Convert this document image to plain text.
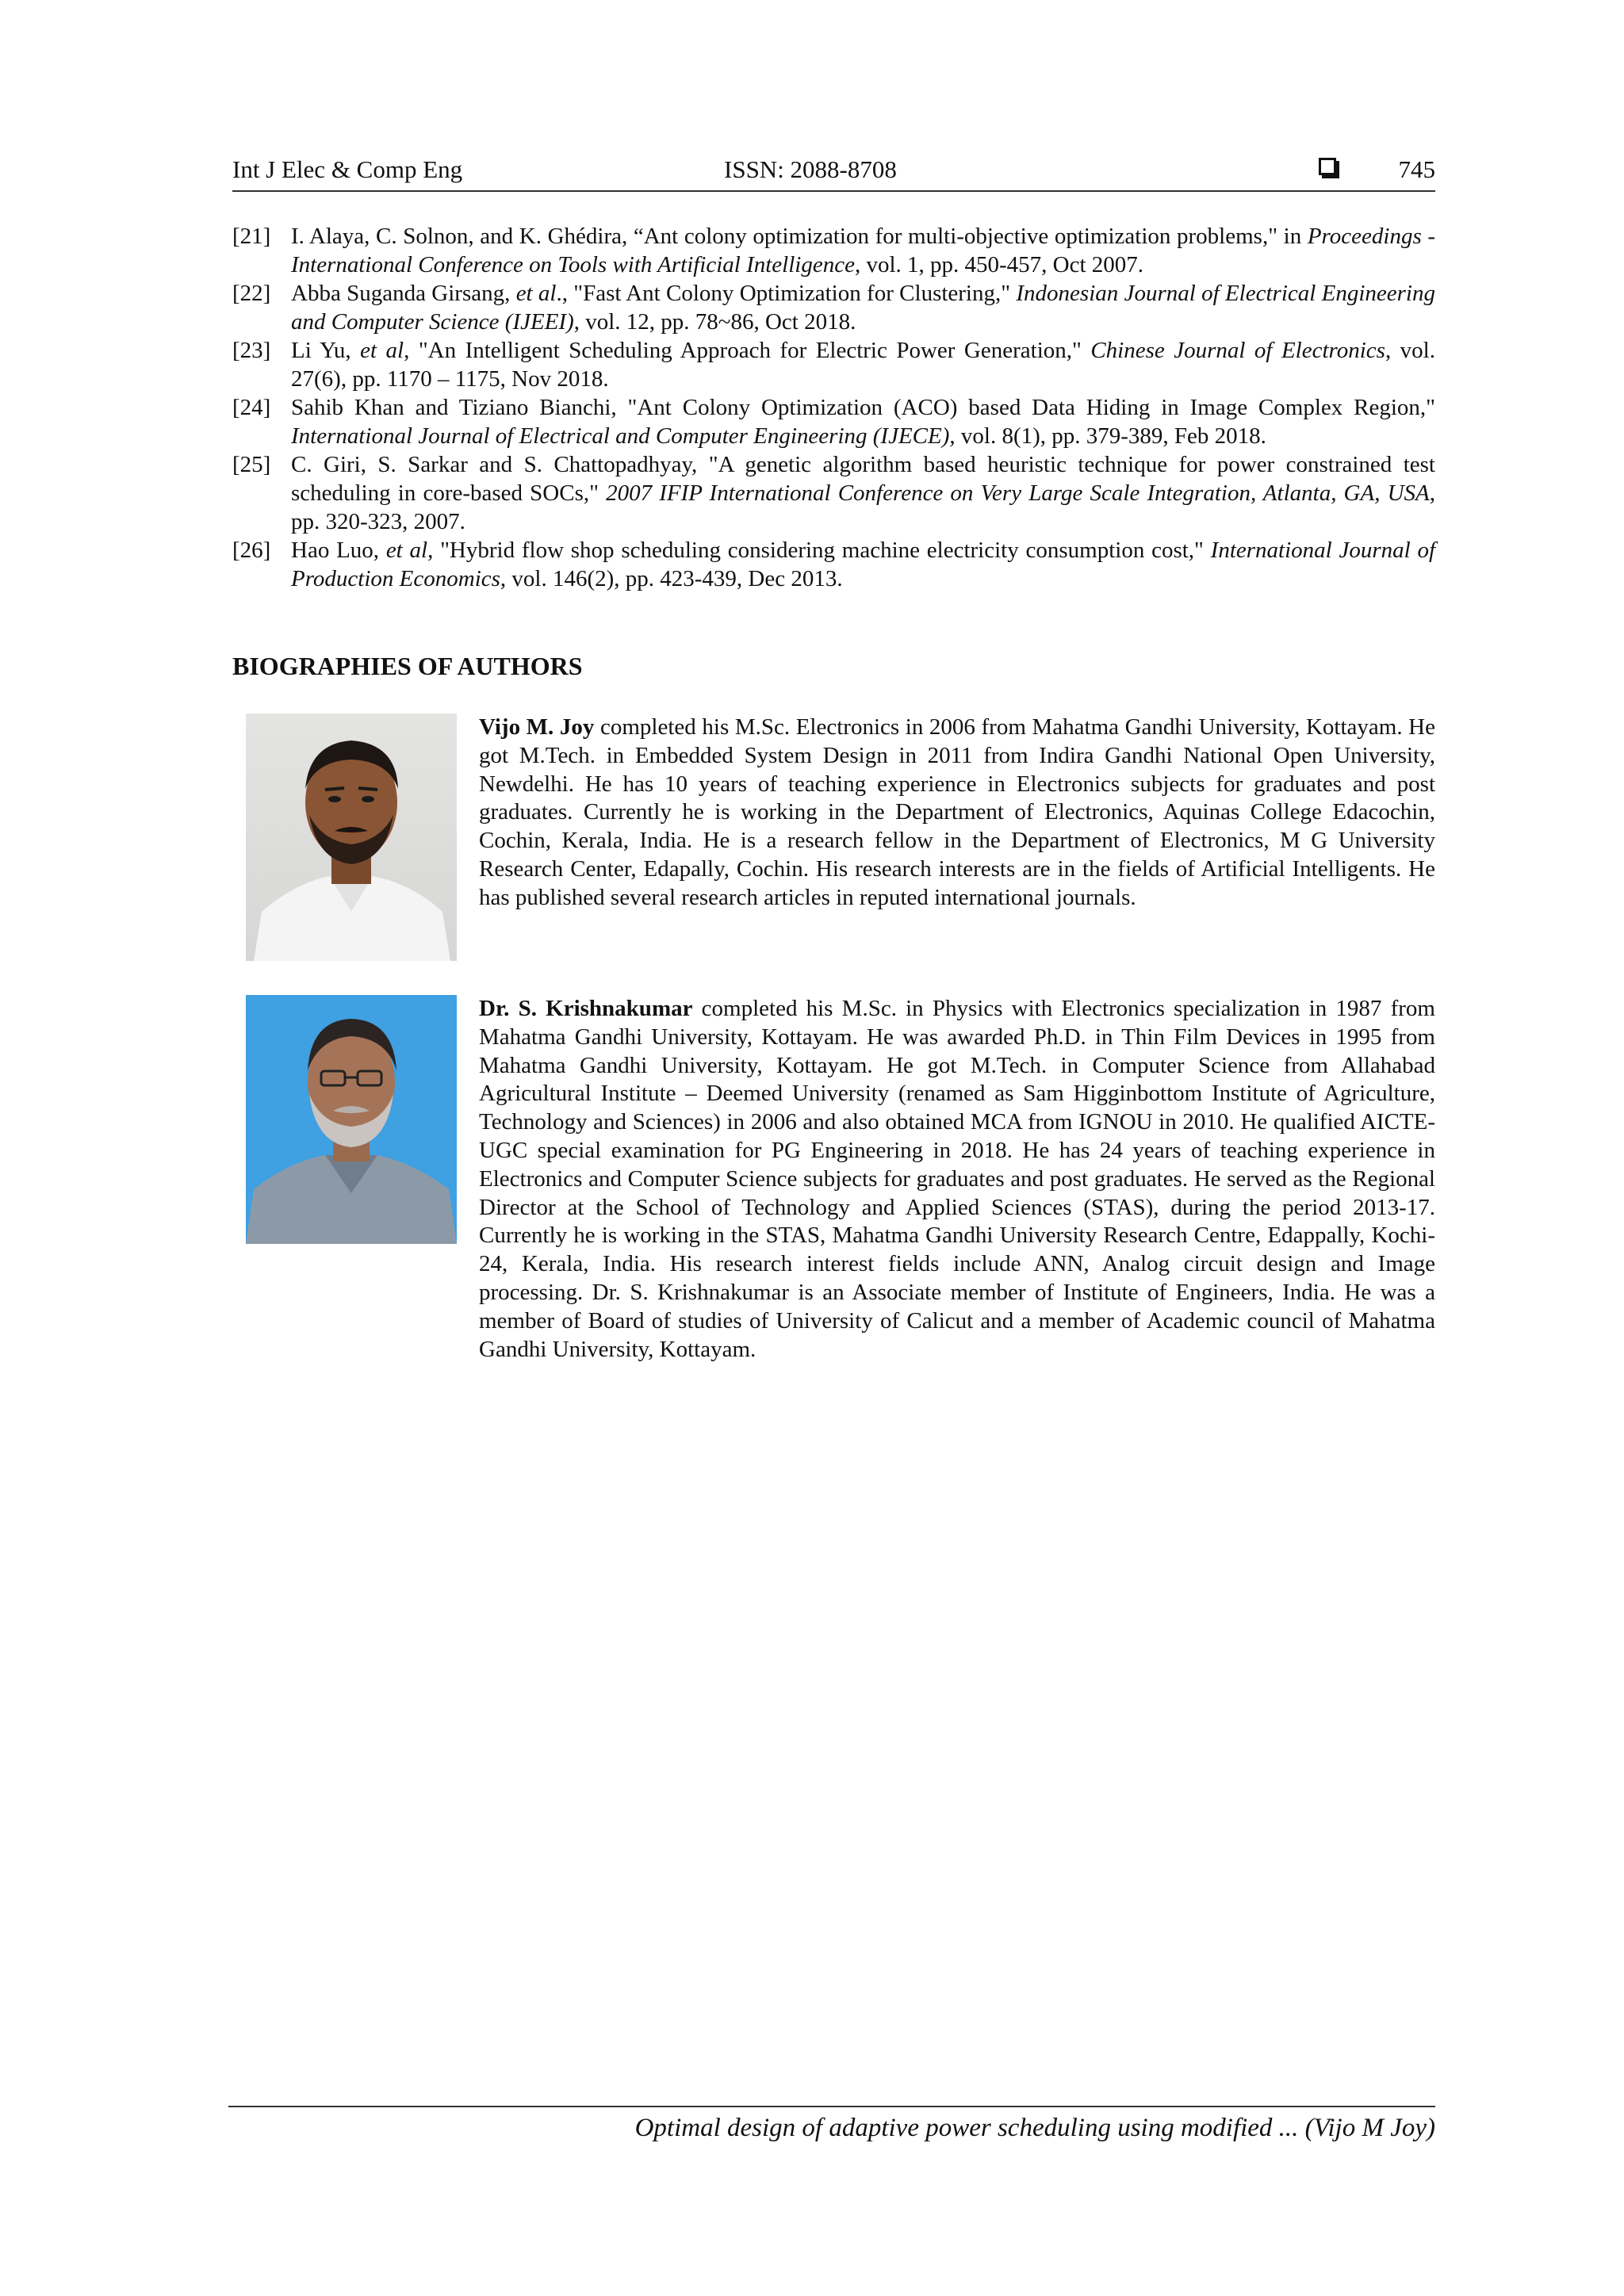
Int J Elec & Comp Eng	ISSN: 2088-8708	745
[21] I. Alaya, C. Solnon, and K. Ghédira, “Ant colony optimization for multi-objective optimization problems," in Proceedings - International Conference on Tools with Artificial Intelligence, vol. 1, pp. 450-457, Oct 2007.
[22] Abba Suganda Girsang, et al., "Fast Ant Colony Optimization for Clustering," Indonesian Journal of Electrical Engineering and Computer Science (IJEEI), vol. 12, pp. 78~86, Oct 2018.
[23] Li Yu, et al, "An Intelligent Scheduling Approach for Electric Power Generation," Chinese Journal of Electronics, vol. 27(6), pp. 1170 – 1175, Nov 2018.
[24] Sahib Khan and Tiziano Bianchi, "Ant Colony Optimization (ACO) based Data Hiding in Image Complex Region," International Journal of Electrical and Computer Engineering (IJECE), vol. 8(1), pp. 379-389, Feb 2018.
[25] C. Giri, S. Sarkar and S. Chattopadhyay, "A genetic algorithm based heuristic technique for power constrained test scheduling in core-based SOCs," 2007 IFIP International Conference on Very Large Scale Integration, Atlanta, GA, USA, pp. 320-323, 2007.
[26] Hao Luo, et al, "Hybrid flow shop scheduling considering machine electricity consumption cost," International Journal of Production Economics, vol. 146(2), pp. 423-439, Dec 2013.
BIOGRAPHIES OF AUTHORS
Vijo M. Joy completed his M.Sc. Electronics in 2006 from Mahatma Gandhi University, Kottayam. He got M.Tech. in Embedded System Design in 2011 from Indira Gandhi National Open University, Newdelhi. He has 10 years of teaching experience in Electronics subjects for graduates and post graduates. Currently he is working in the Department of Electronics, Aquinas College Edacochin, Cochin, Kerala, India. He is a research fellow in the Department of Electronics, M G University Research Center, Edapally, Cochin. His research interests are in the fields of Artificial Intelligents. He has published several research articles in reputed international journals.
Dr. S. Krishnakumar completed his M.Sc. in Physics with Electronics specialization in 1987 from Mahatma Gandhi University, Kottayam. He was awarded Ph.D. in Thin Film Devices in 1995 from Mahatma Gandhi University, Kottayam. He got M.Tech. in Computer Science from Allahabad Agricultural Institute – Deemed University (renamed as Sam Higginbottom Institute of Agriculture, Technology and Sciences) in 2006 and also obtained MCA from IGNOU in 2010. He qualified AICTE-UGC special examination for PG Engineering in 2018. He has 24 years of teaching experience in Electronics and Computer Science subjects for graduates and post graduates. He served as the Regional Director at the School of Technology and Applied Sciences (STAS), during the period 2013-17. Currently he is working in the STAS, Mahatma Gandhi University Research Centre, Edappally, Kochi-24, Kerala, India. His research interest fields include ANN, Analog circuit design and Image processing. Dr. S. Krishnakumar is an Associate member of Institute of Engineers, India. He was a member of Board of studies of University of Calicut and a member of Academic council of Mahatma Gandhi University, Kottayam.
Optimal design of adaptive power scheduling using modified ... (Vijo M Joy)
